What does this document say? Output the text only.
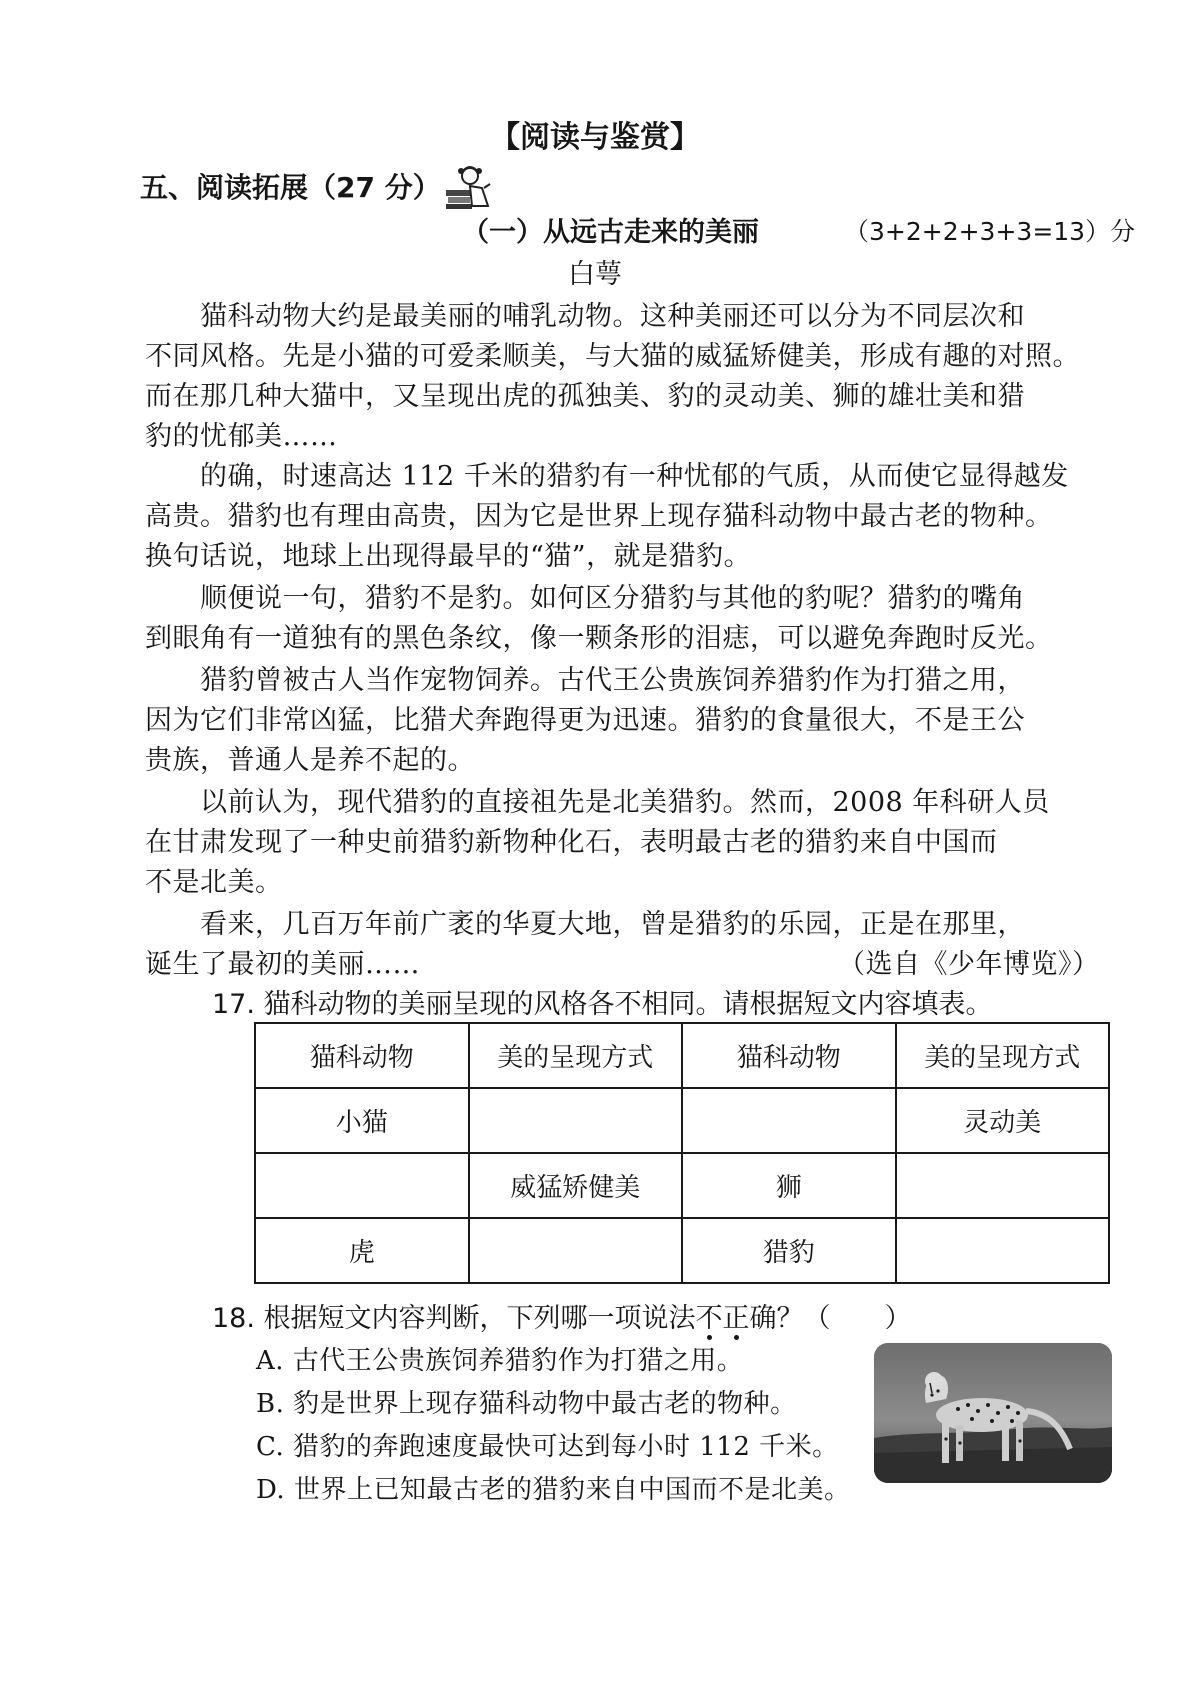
【阅读与鉴赏】
五、阅读拓展（27 分）
（一）从远古走来的美丽	（3+2+2+3+3=13）分
白萼
猫科动物大约是最美丽的哺乳动物。这种美丽还可以分为不同层次和
不同风格。先是小猫的可爱柔顺美，与大猫的威猛矫健美，形成有趣的对照。
而在那几种大猫中，又呈现出虎的孤独美、豹的灵动美、狮的雄壮美和猎
豹的忧郁美……
的确，时速高达 112 千米的猎豹有一种忧郁的气质，从而使它显得越发
高贵。猎豹也有理由高贵，因为它是世界上现存猫科动物中最古老的物种。
换句话说，地球上出现得最早的“猫”，就是猎豹。
顺便说一句，猎豹不是豹。如何区分猎豹与其他的豹呢？猎豹的嘴角
到眼角有一道独有的黑色条纹，像一颗条形的泪痣，可以避免奔跑时反光。
猎豹曾被古人当作宠物饲养。古代王公贵族饲养猎豹作为打猎之用，
因为它们非常凶猛，比猎犬奔跑得更为迅速。猎豹的食量很大，不是王公
贵族，普通人是养不起的。
以前认为，现代猎豹的直接祖先是北美猎豹。然而，2008 年科研人员
在甘肃发现了一种史前猎豹新物种化石，表明最古老的猎豹来自中国而
不是北美。
看来，几百万年前广袤的华夏大地，曾是猎豹的乐园，正是在那里，
诞生了最初的美丽……	（选自《少年博览》）
17. 猫科动物的美丽呈现的风格各不相同。请根据短文内容填表。
猫科动物	美的呈现方式	猫科动物	美的呈现方式
小猫			灵动美
	威猛矫健美	狮	
虎		猎豹	
18. 根据短文内容判断，下列哪一项说法不正确？（　　）
A. 古代王公贵族饲养猎豹作为打猎之用。
B. 豹是世界上现存猫科动物中最古老的物种。
C. 猎豹的奔跑速度最快可达到每小时 112 千米。
D. 世界上已知最古老的猎豹来自中国而不是北美。
